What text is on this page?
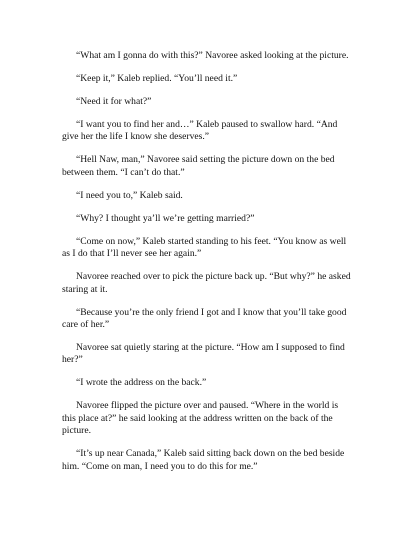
“What am I gonna do with this?” Navoree asked looking at the picture.

“Keep it,” Kaleb replied. “You’ll need it.”

“Need it for what?”

“I want you to find her and…” Kaleb paused to swallow hard. “And give her the life I know she deserves.”

“Hell Naw, man,” Navoree said setting the picture down on the bed between them. “I can’t do that.”

“I need you to,” Kaleb said.

“Why? I thought ya’ll we’re getting married?”

“Come on now,” Kaleb started standing to his feet. “You know as well as I do that I’ll never see her again.”

Navoree reached over to pick the picture back up. “But why?” he asked staring at it.

“Because you’re the only friend I got and I know that you’ll take good care of her.”

Navoree sat quietly staring at the picture. “How am I supposed to find her?”

“I wrote the address on the back.”

Navoree flipped the picture over and paused. “Where in the world is this place at?” he said looking at the address written on the back of the picture.

“It’s up near Canada,” Kaleb said sitting back down on the bed beside him. “Come on man, I need you to do this for me.”
